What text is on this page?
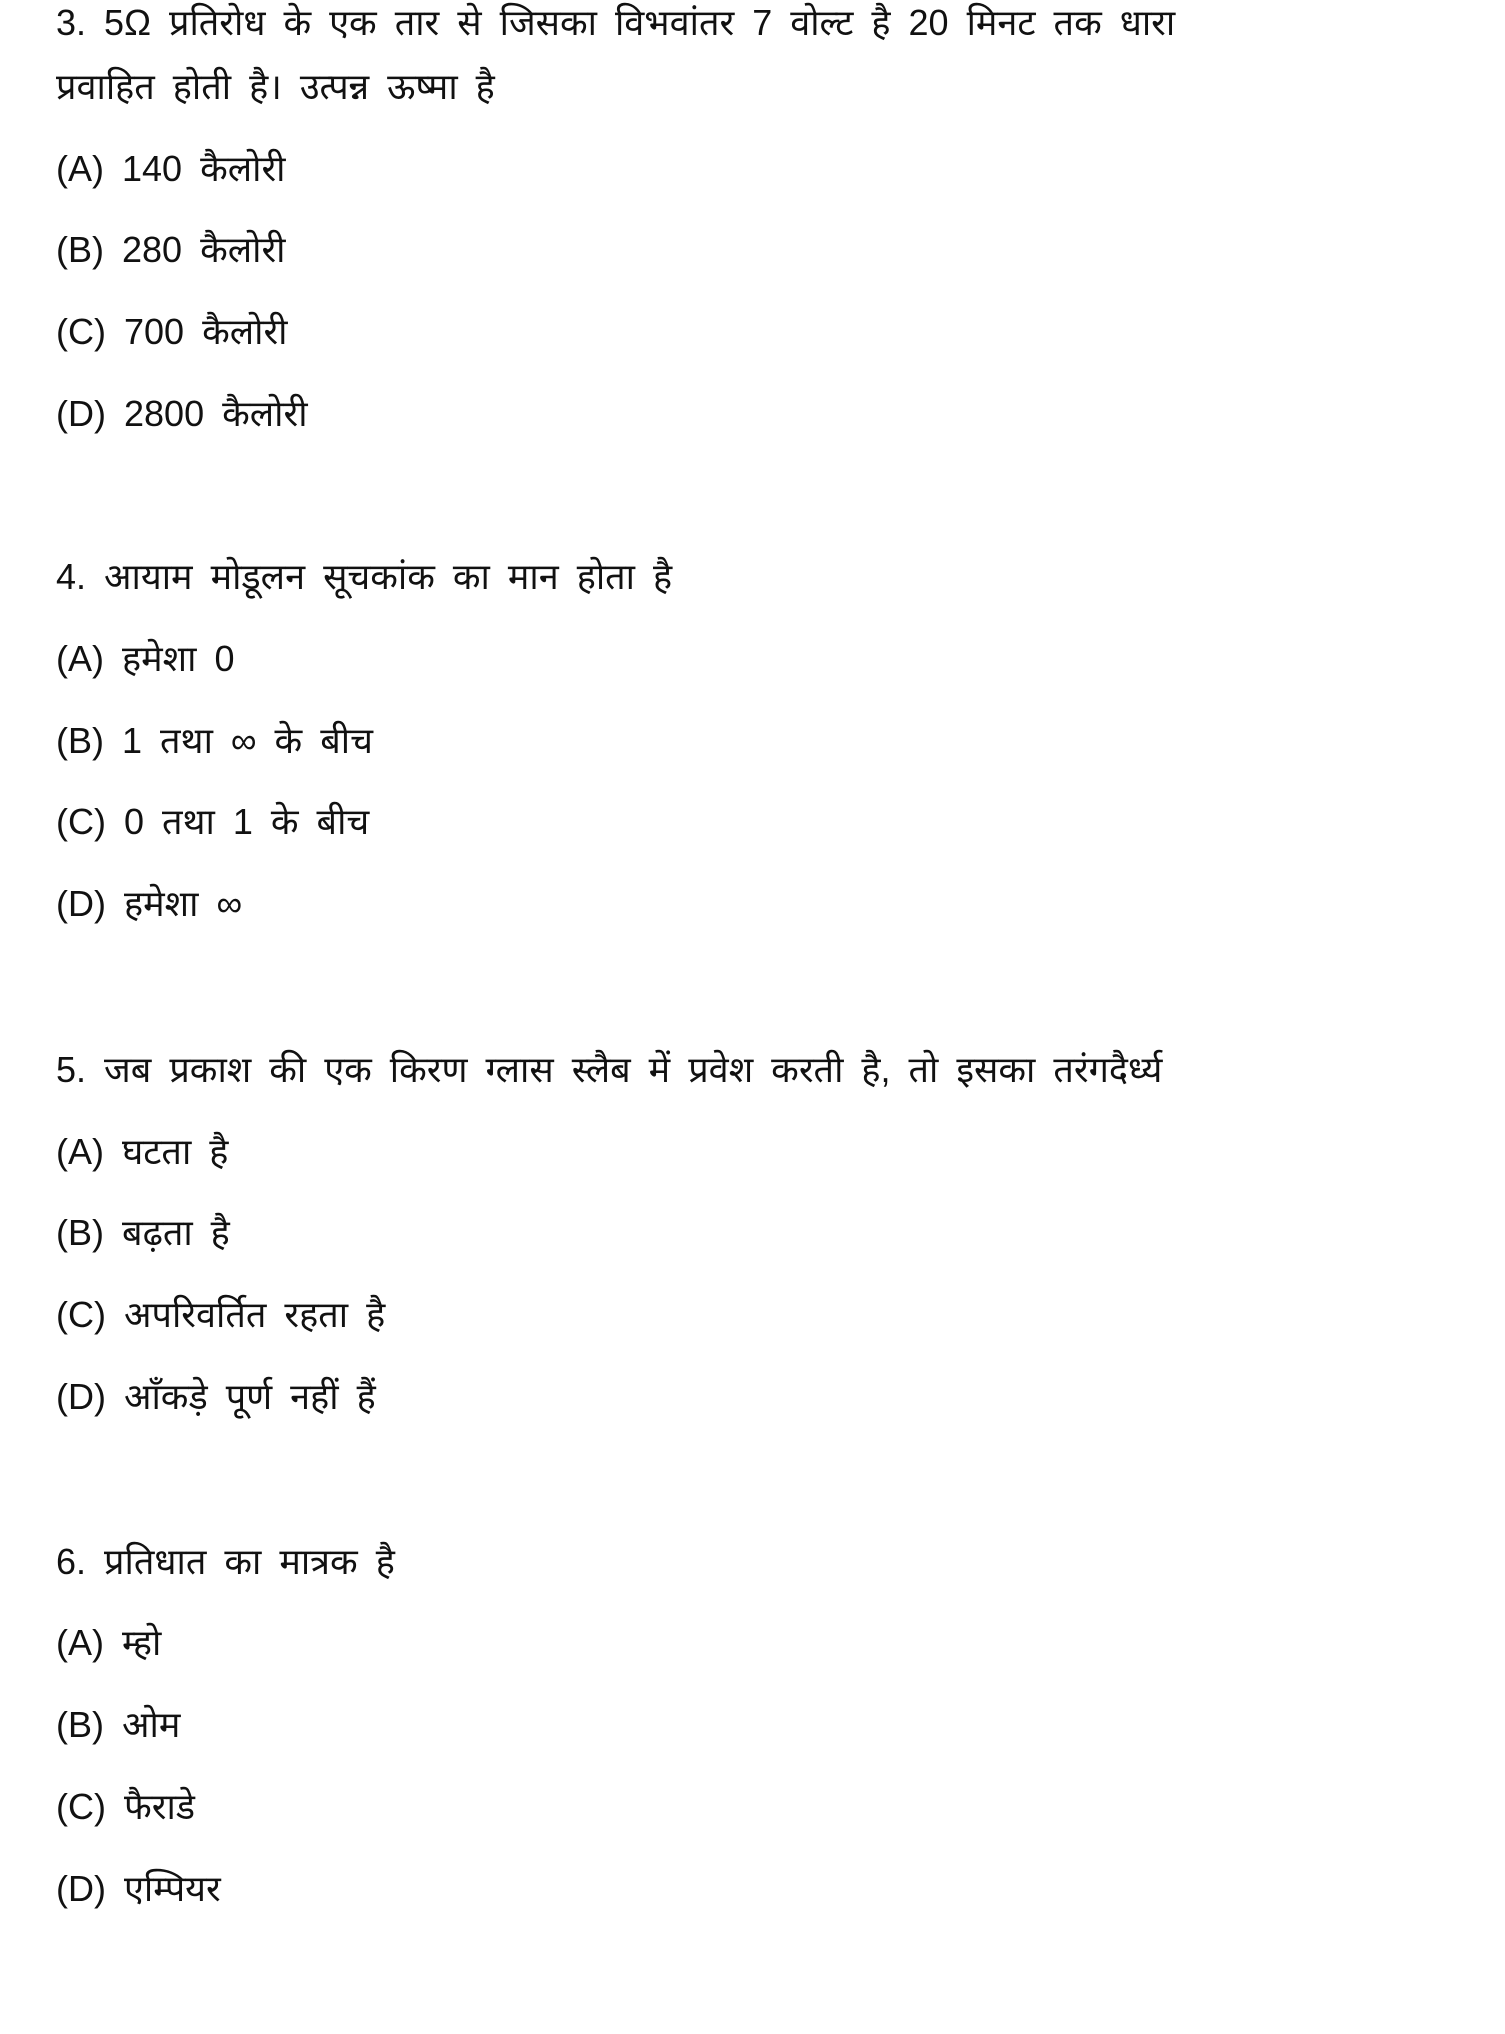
3. 5Ω प्रतिरोध के एक तार से जिसका विभवांतर 7 वोल्ट है 20 मिनट तक धारा
प्रवाहित होती है। उत्पन्न ऊष्मा है
(A) 140 कैलोरी
(B) 280 कैलोरी
(C) 700 कैलोरी
(D) 2800 कैलोरी
4. आयाम मोडूलन सूचकांक का मान होता है
(A) हमेशा 0
(B) 1 तथा ∞ के बीच
(C) 0 तथा 1 के बीच
(D) हमेशा ∞
5. जब प्रकाश की एक किरण ग्लास स्लैब में प्रवेश करती है, तो इसका तरंगदैर्ध्य
(A) घटता है
(B) बढ़ता है
(C) अपरिवर्तित रहता है
(D) आँकड़े पूर्ण नहीं हैं
6. प्रतिधात का मात्रक है
(A) म्हो
(B) ओम
(C) फैराडे
(D) एम्पियर
